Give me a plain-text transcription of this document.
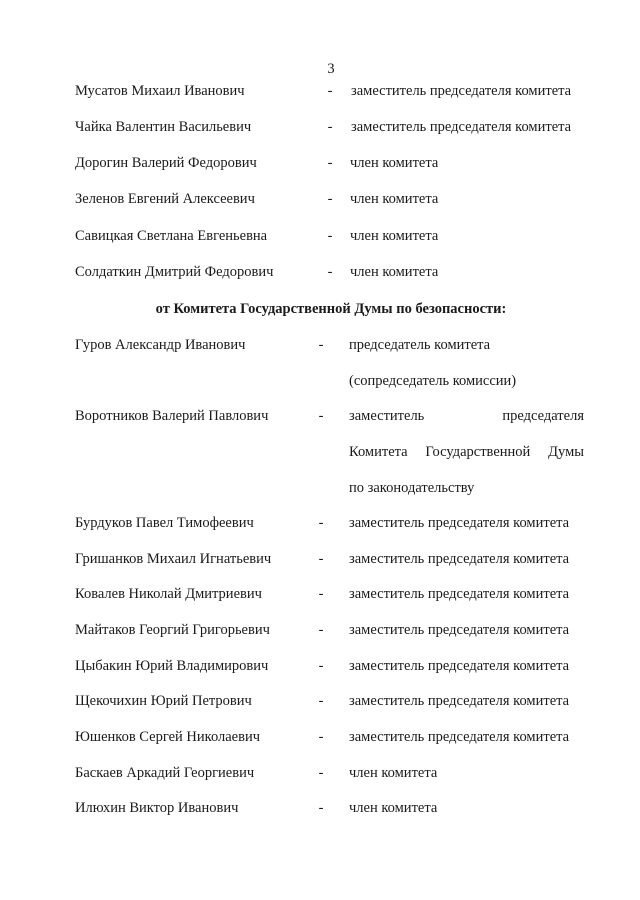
3
Мусатов Михаил Иванович	- заместитель председателя комитета
Чайка Валентин Васильевич	- заместитель председателя комитета
Дорогин Валерий Федорович	- член комитета
Зеленов Евгений Алексеевич	- член комитета
Савицкая Светлана Евгеньевна	- член комитета
Солдаткин Дмитрий Федорович	- член комитета
от Комитета Государственной Думы по безопасности:
Гуров Александр Иванович	- председатель комитета
(сопредседатель комиссии)
Воротников Валерий Павлович	- заместитель председателя
Комитета Государственной Думы
по законодательству
Бурдуков Павел Тимофеевич	- заместитель председателя комитета
Гришанков Михаил Игнатьевич	- заместитель председателя комитета
Ковалев Николай Дмитриевич	- заместитель председателя комитета
Майтаков Георгий Григорьевич	- заместитель председателя комитета
Цыбакин Юрий Владимирович	- заместитель председателя комитета
Щекочихин Юрий Петрович	- заместитель председателя комитета
Юшенков Сергей Николаевич	- заместитель председателя комитета
Баскаев Аркадий Георгиевич	- член комитета
Илюхин Виктор Иванович	- член комитета
